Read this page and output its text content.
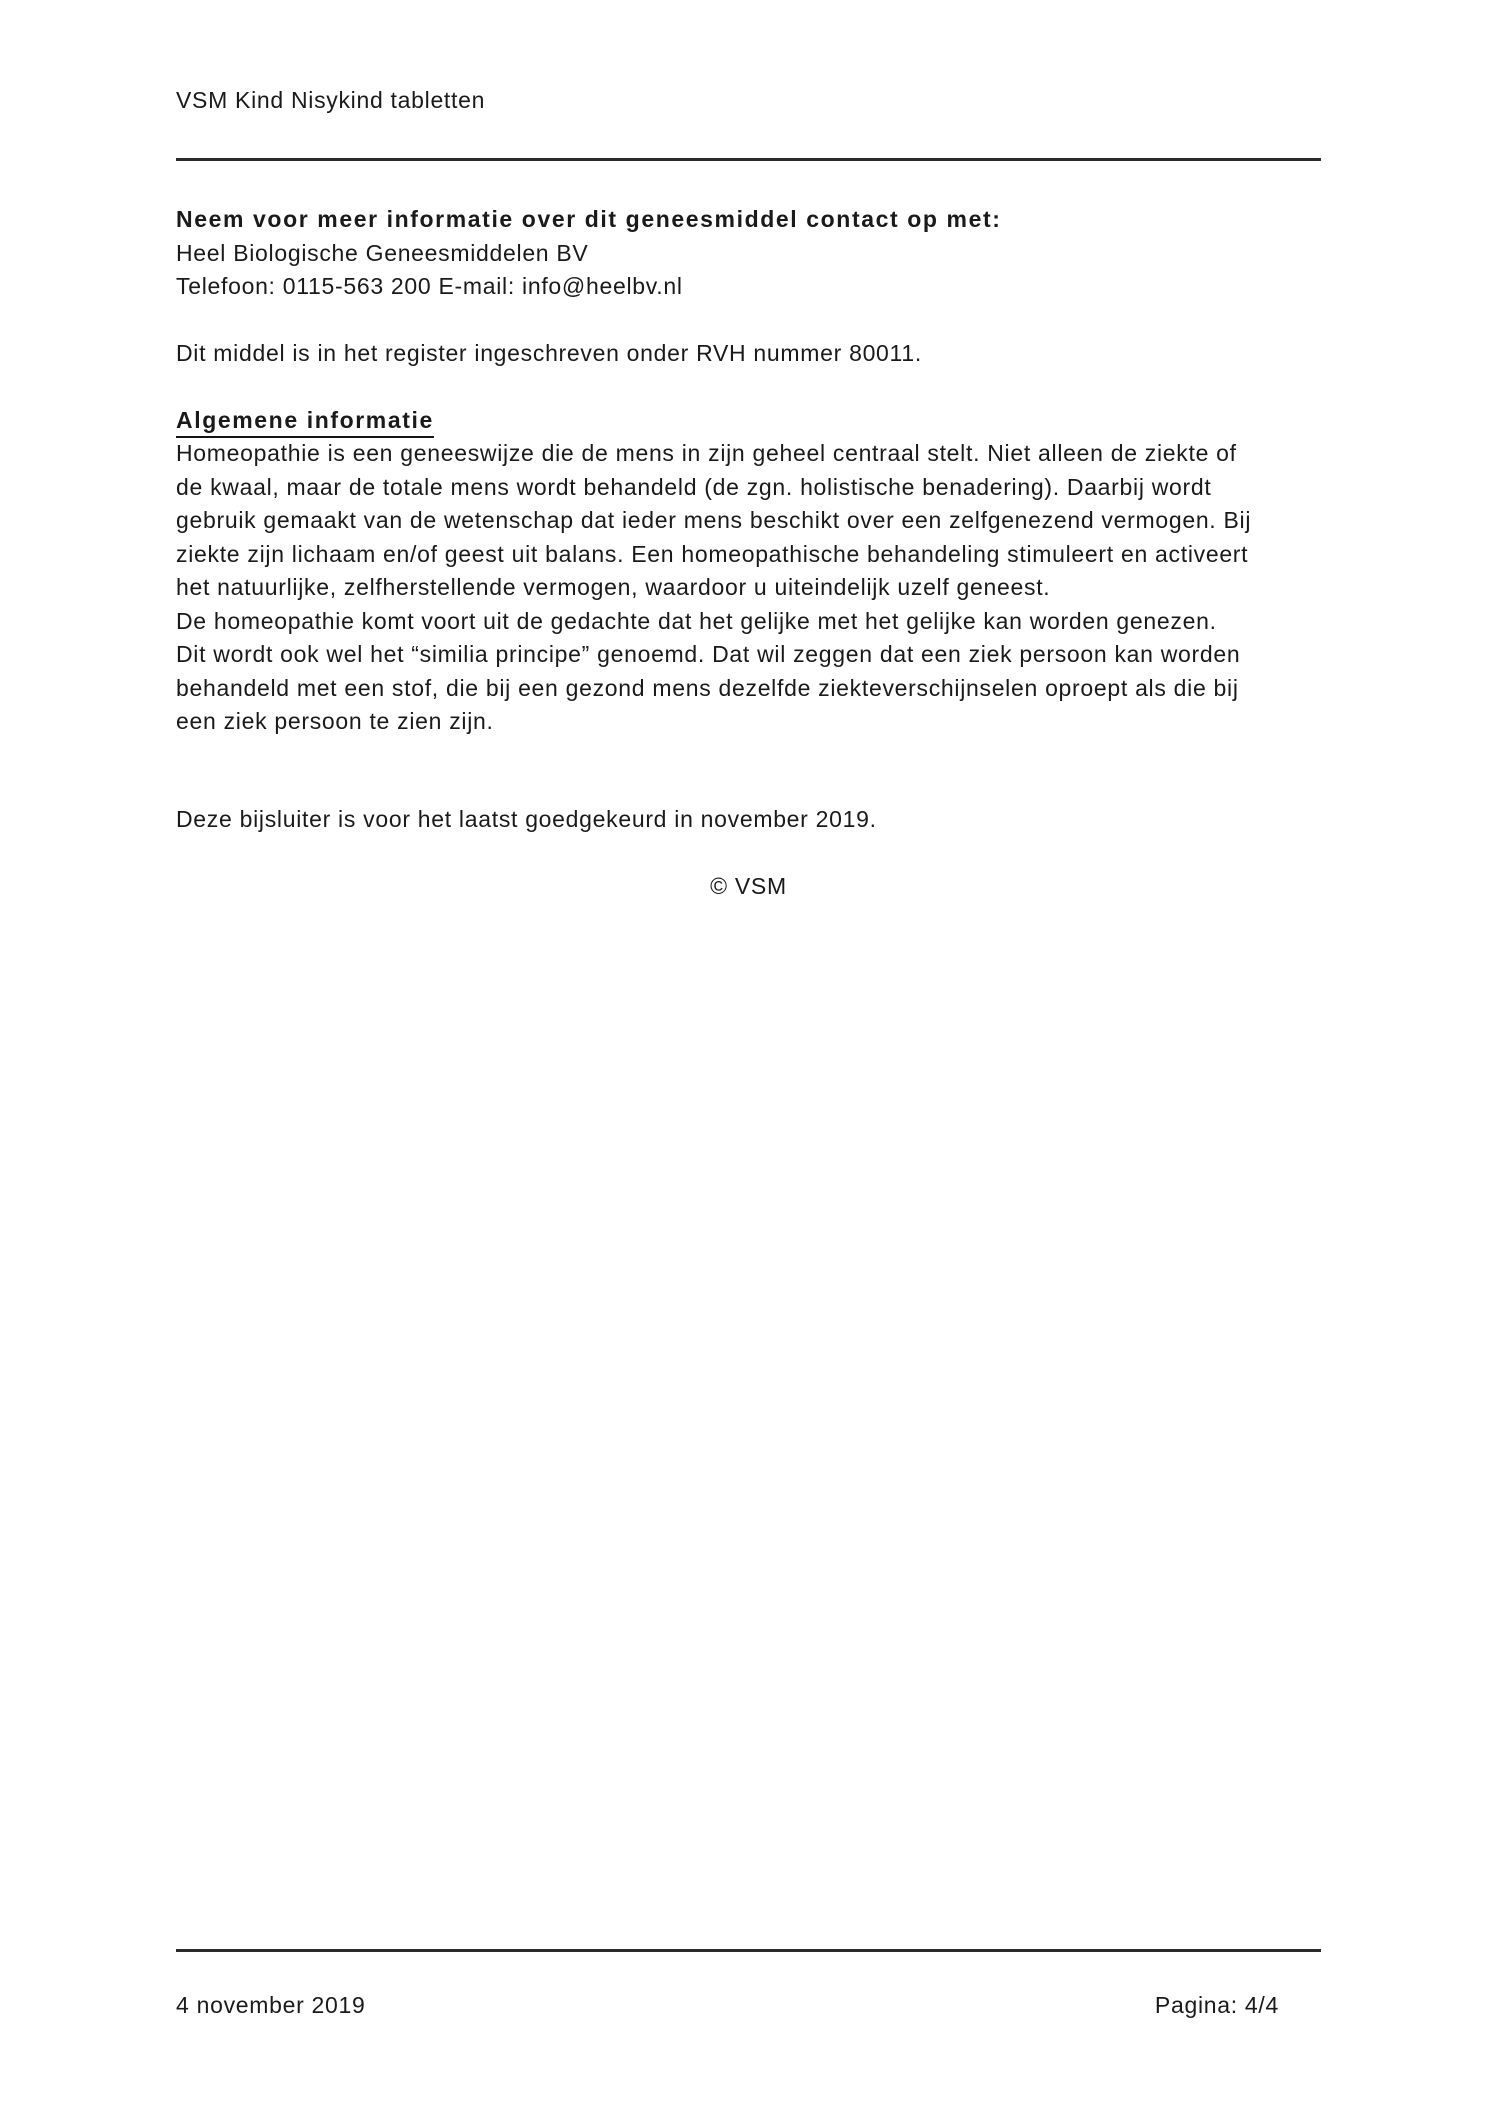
VSM Kind Nisykind tabletten
Neem voor meer informatie over dit geneesmiddel contact op met:
Heel Biologische Geneesmiddelen BV
Telefoon: 0115-563 200 E-mail: info@heelbv.nl
Dit middel is in het register ingeschreven onder RVH nummer 80011.
Algemene informatie
Homeopathie is een geneeswijze die de mens in zijn geheel centraal stelt. Niet alleen de ziekte of
de kwaal, maar de totale mens wordt behandeld (de zgn. holistische benadering). Daarbij wordt
gebruik gemaakt van de wetenschap dat ieder mens beschikt over een zelfgenezend vermogen. Bij
ziekte zijn lichaam en/of geest uit balans. Een homeopathische behandeling stimuleert en activeert
het natuurlijke, zelfherstellende vermogen, waardoor u uiteindelijk uzelf geneest.
De homeopathie komt voort uit de gedachte dat het gelijke met het gelijke kan worden genezen.
Dit wordt ook wel het “similia principe” genoemd. Dat wil zeggen dat een ziek persoon kan worden
behandeld met een stof, die bij een gezond mens dezelfde ziekteverschijnselen oproept als die bij
een ziek persoon te zien zijn.
Deze bijsluiter is voor het laatst goedgekeurd in november 2019.
© VSM
4 november 2019	Pagina: 4/4
